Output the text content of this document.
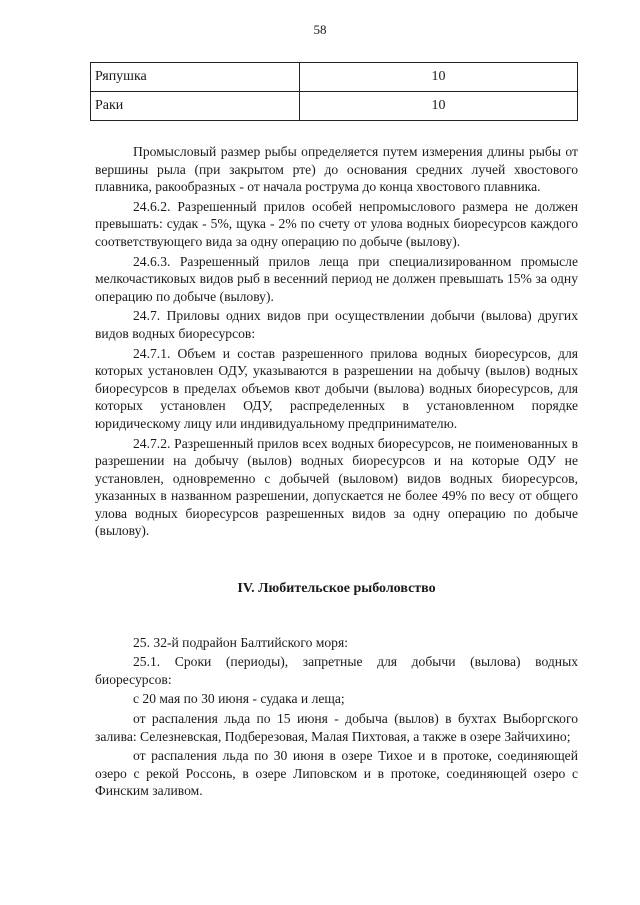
58
Ряпушка	10
Раки	10

Промысловый размер рыбы определяется путем измерения длины рыбы от вершины рыла (при закрытом рте) до основания средних лучей хвостового плавника, ракообразных - от начала рострума до конца хвостового плавника.

24.6.2. Разрешенный прилов особей непромыслового размера не должен превышать: судак - 5%, щука - 2% по счету от улова водных биоресурсов каждого соответствующего вида за одну операцию по добыче (вылову).

24.6.3. Разрешенный прилов леща при специализированном промысле мелкочастиковых видов рыб в весенний период не должен превышать 15% за одну операцию по добыче (вылову).

24.7. Приловы одних видов при осуществлении добычи (вылова) других видов водных биоресурсов:

24.7.1. Объем и состав разрешенного прилова водных биоресурсов, для которых установлен ОДУ, указываются в разрешении на добычу (вылов) водных биоресурсов в пределах объемов квот добычи (вылова) водных биоресурсов, для которых установлен ОДУ, распределенных в установленном порядке юридическому лицу или индивидуальному предпринимателю.

24.7.2. Разрешенный прилов всех водных биоресурсов, не поименованных в разрешении на добычу (вылов) водных биоресурсов и на которые ОДУ не установлен, одновременно с добычей (выловом) видов водных биоресурсов, указанных в названном разрешении, допускается не более 49% по весу от общего улова водных биоресурсов разрешенных видов за одну операцию по добыче (вылову).

IV. Любительское рыболовство

25. 32-й подрайон Балтийского моря:

25.1. Сроки (периоды), запретные для добычи (вылова) водных биоресурсов:

с 20 мая по 30 июня - судака и леща;

от распаления льда по 15 июня - добыча (вылов) в бухтах Выборгского залива: Селезневская, Подберезовая, Малая Пихтовая, а также в озере Зайчихино;

от распаления льда по 30 июня в озере Тихое и в протоке, соединяющей озеро с рекой Россонь, в озере Липовском и в протоке, соединяющей озеро с Финским заливом.
